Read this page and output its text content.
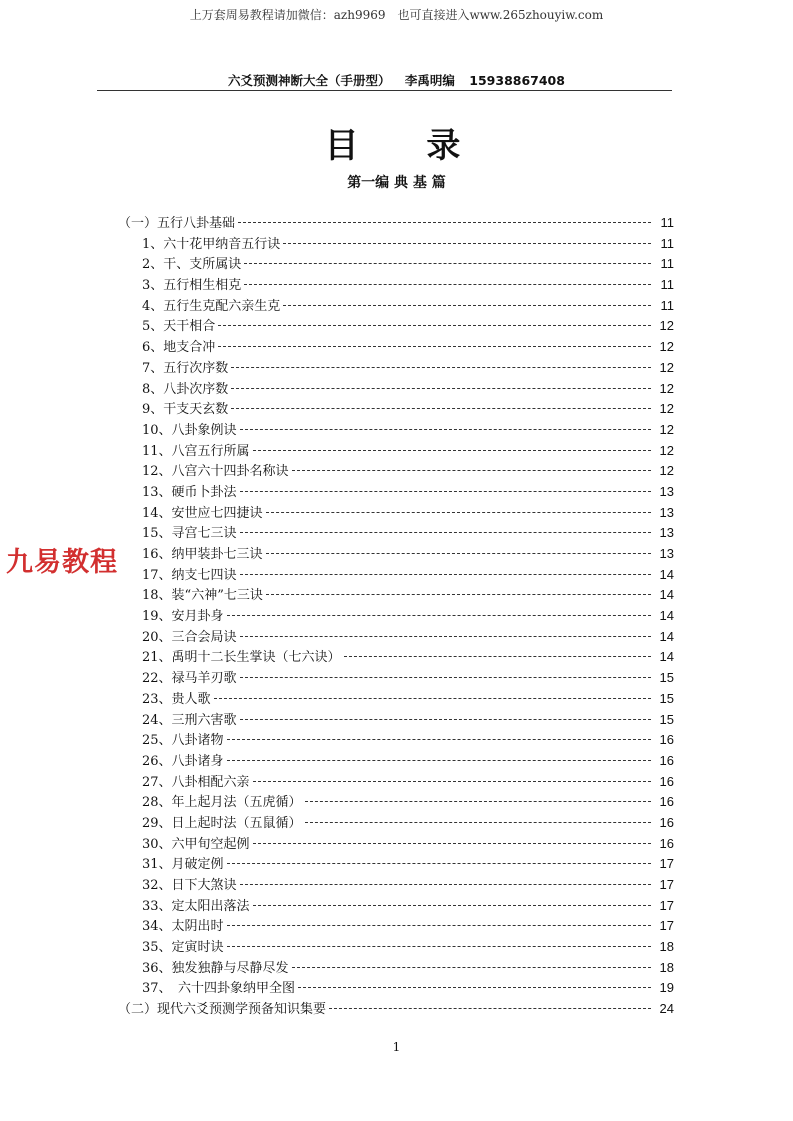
上万套周易教程请加微信：azh9969　也可直接进入www.265zhouyiw.com
六爻预测神断大全（手册型） 李禹明编 15938867408
目 录
第一编 典 基 篇
（一）五行八卦基础	11
1、六十花甲纳音五行诀	11
2、干、支所属诀	11
3、五行相生相克	11
4、五行生克配六亲生克	11
5、天干相合	12
6、地支合冲	12
7、五行次序数	12
8、八卦次序数	12
9、干支天玄数	12
10、八卦象例诀	12
11、八宫五行所属	12
12、八宫六十四卦名称诀	12
13、硬币卜卦法	13
14、安世应七四捷诀	13
15、寻宫七三诀	13
16、纳甲装卦七三诀	13
17、纳支七四诀	14
18、装“六神”七三诀	14
19、安月卦身	14
20、三合会局诀	14
21、禹明十二长生掌诀（七六诀）	14
22、禄马羊刃歌	15
23、贵人歌	15
24、三刑六害歌	15
25、八卦诸物	16
26、八卦诸身	16
27、八卦相配六亲	16
28、年上起月法（五虎循）	16
29、日上起时法（五鼠循）	16
30、六甲旬空起例	16
31、月破定例	17
32、日下大煞诀	17
33、定太阳出落法	17
34、太阴出时	17
35、定寅时诀	18
36、独发独静与尽静尽发	18
37、　六十四卦象纳甲全图	19
（二）现代六爻预测学预备知识集要	24
九易教程
1
